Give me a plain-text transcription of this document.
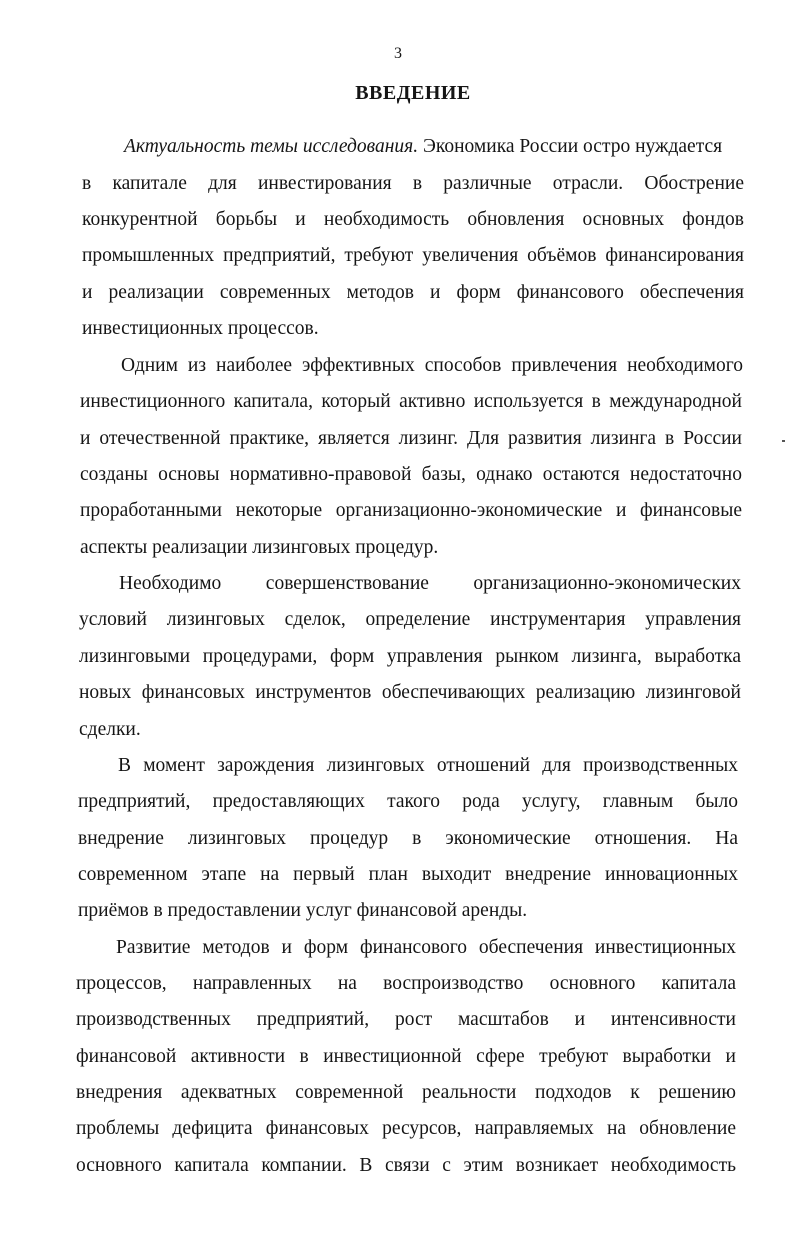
3
ВВЕДЕНИЕ

Актуальность темы исследования. Экономика России остро нуждается

в капитале для инвестирования в различные отрасли. Обострение

конкурентной борьбы и необходимость обновления основных фондов

промышленных предприятий, требуют увеличения объёмов финансирования

и реализации современных методов и форм финансового обеспечения

инвестиционных процессов.

Одним из наиболее эффективных способов привлечения необходимого

инвестиционного капитала, который активно используется в международной

и отечественной практике, является лизинг. Для развития лизинга в России

созданы основы нормативно-правовой базы, однако остаются недостаточно

проработанными некоторые организационно-экономические и финансовые

аспекты реализации лизинговых процедур.

Необходимо совершенствование организационно-экономических

условий лизинговых сделок, определение инструментария управления

лизинговыми процедурами, форм управления рынком лизинга, выработка

новых финансовых инструментов обеспечивающих реализацию лизинговой

сделки.

В момент зарождения лизинговых отношений для производственных

предприятий, предоставляющих такого рода услугу, главным было

внедрение лизинговых процедур в экономические отношения. На

современном этапе на первый план выходит внедрение инновационных

приёмов в предоставлении услуг финансовой аренды.

Развитие методов и форм финансового обеспечения инвестиционных

процессов, направленных на воспроизводство основного капитала

производственных предприятий, рост масштабов и интенсивности

финансовой активности в инвестиционной сфере требуют выработки и

внедрения адекватных современной реальности подходов к решению

проблемы дефицита финансовых ресурсов, направляемых на обновление

основного капитала компании. В связи с этим возникает необходимость
